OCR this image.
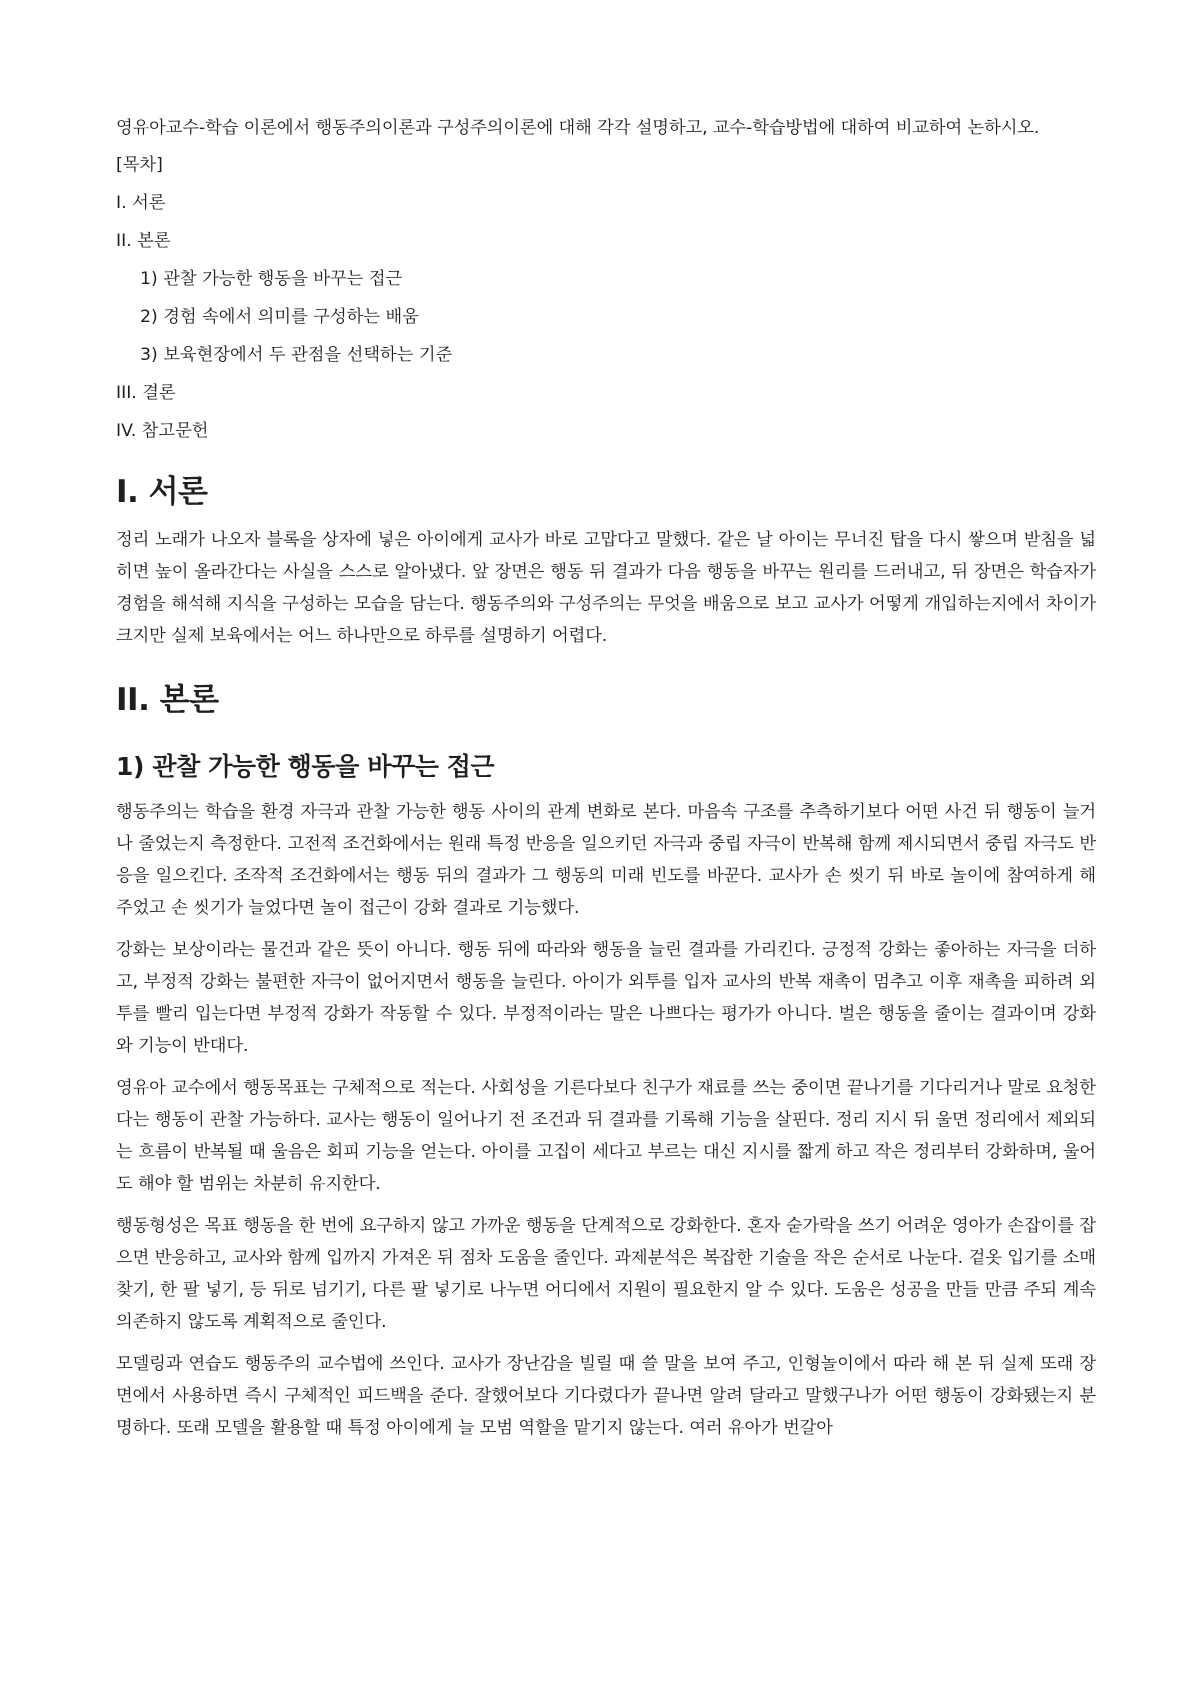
영유아교수-학습 이론에서 행동주의이론과 구성주의이론에 대해 각각 설명하고, 교수-학습방법에 대하여 비교하여 논하시오.

[목차]
I. 서론
II. 본론
1) 관찰 가능한 행동을 바꾸는 접근
2) 경험 속에서 의미를 구성하는 배움
3) 보육현장에서 두 관점을 선택하는 기준
III. 결론
IV. 참고문헌
I. 서론

정리 노래가 나오자 블록을 상자에 넣은 아이에게 교사가 바로 고맙다고 말했다. 같은 날 아이는 무너진 탑을 다시 쌓으며 받침을 넓히면 높이 올라간다는 사실을 스스로 알아냈다. 앞 장면은 행동 뒤 결과가 다음 행동을 바꾸는 원리를 드러내고, 뒤 장면은 학습자가 경험을 해석해 지식을 구성하는 모습을 담는다. 행동주의와 구성주의는 무엇을 배움으로 보고 교사가 어떻게 개입하는지에서 차이가 크지만 실제 보육에서는 어느 하나만으로 하루를 설명하기 어렵다.

II. 본론
1) 관찰 가능한 행동을 바꾸는 접근

행동주의는 학습을 환경 자극과 관찰 가능한 행동 사이의 관계 변화로 본다. 마음속 구조를 추측하기보다 어떤 사건 뒤 행동이 늘거나 줄었는지 측정한다. 고전적 조건화에서는 원래 특정 반응을 일으키던 자극과 중립 자극이 반복해 함께 제시되면서 중립 자극도 반응을 일으킨다. 조작적 조건화에서는 행동 뒤의 결과가 그 행동의 미래 빈도를 바꾼다. 교사가 손 씻기 뒤 바로 놀이에 참여하게 해 주었고 손 씻기가 늘었다면 놀이 접근이 강화 결과로 기능했다.

강화는 보상이라는 물건과 같은 뜻이 아니다. 행동 뒤에 따라와 행동을 늘린 결과를 가리킨다. 긍정적 강화는 좋아하는 자극을 더하고, 부정적 강화는 불편한 자극이 없어지면서 행동을 늘린다. 아이가 외투를 입자 교사의 반복 재촉이 멈추고 이후 재촉을 피하려 외투를 빨리 입는다면 부정적 강화가 작동할 수 있다. 부정적이라는 말은 나쁘다는 평가가 아니다. 벌은 행동을 줄이는 결과이며 강화와 기능이 반대다.

영유아 교수에서 행동목표는 구체적으로 적는다. 사회성을 기른다보다 친구가 재료를 쓰는 중이면 끝나기를 기다리거나 말로 요청한다는 행동이 관찰 가능하다. 교사는 행동이 일어나기 전 조건과 뒤 결과를 기록해 기능을 살핀다. 정리 지시 뒤 울면 정리에서 제외되는 흐름이 반복될 때 울음은 회피 기능을 얻는다. 아이를 고집이 세다고 부르는 대신 지시를 짧게 하고 작은 정리부터 강화하며, 울어도 해야 할 범위는 차분히 유지한다.

행동형성은 목표 행동을 한 번에 요구하지 않고 가까운 행동을 단계적으로 강화한다. 혼자 숟가락을 쓰기 어려운 영아가 손잡이를 잡으면 반응하고, 교사와 함께 입까지 가져온 뒤 점차 도움을 줄인다. 과제분석은 복잡한 기술을 작은 순서로 나눈다. 겉옷 입기를 소매 찾기, 한 팔 넣기, 등 뒤로 넘기기, 다른 팔 넣기로 나누면 어디에서 지원이 필요한지 알 수 있다. 도움은 성공을 만들 만큼 주되 계속 의존하지 않도록 계획적으로 줄인다.

모델링과 연습도 행동주의 교수법에 쓰인다. 교사가 장난감을 빌릴 때 쓸 말을 보여 주고, 인형놀이에서 따라 해 본 뒤 실제 또래 장면에서 사용하면 즉시 구체적인 피드백을 준다. 잘했어보다 기다렸다가 끝나면 알려 달라고 말했구나가 어떤 행동이 강화됐는지 분명하다. 또래 모델을 활용할 때 특정 아이에게 늘 모범 역할을 맡기지 않는다. 여러 유아가 번갈아
